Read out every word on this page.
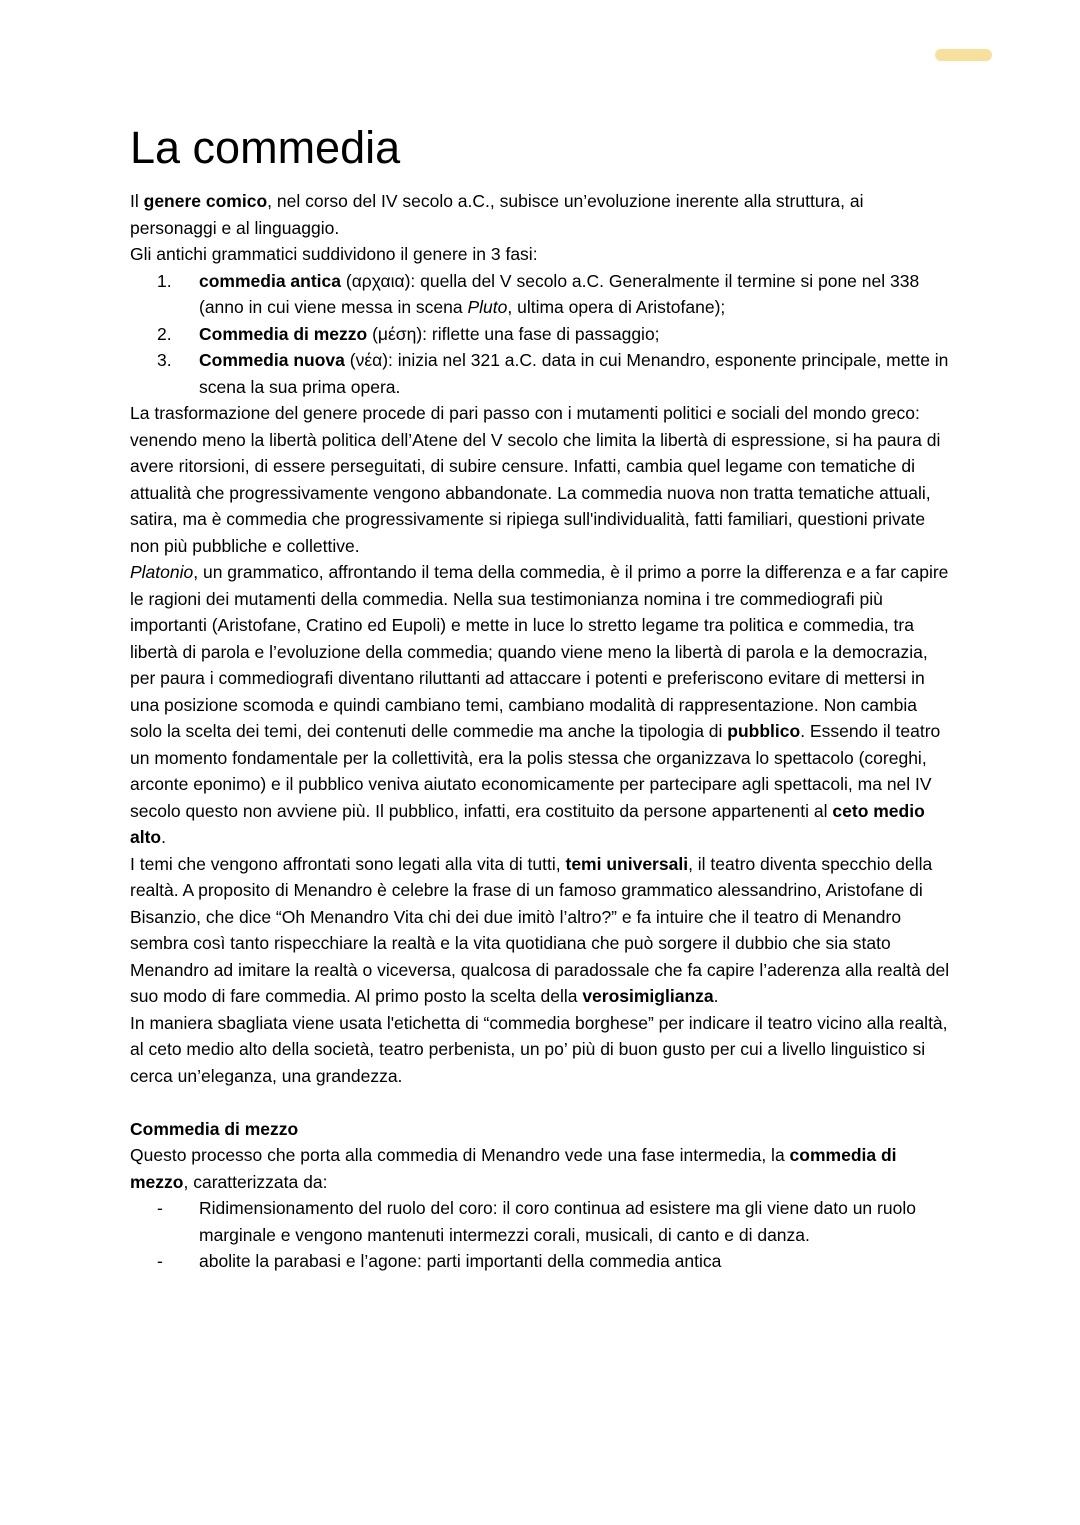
La commedia

Il genere comico, nel corso del IV secolo a.C., subisce un’evoluzione inerente alla struttura, ai personaggi e al linguaggio.

Gli antichi grammatici suddividono il genere in 3 fasi:

1.	commedia antica (αρχαια): quella del V secolo a.C. Generalmente il termine si pone nel 338 (anno in cui viene messa in scena Pluto, ultima opera di Aristofane);
2.	Commedia di mezzo (μέση): riflette una fase di passaggio;
3.	Commedia nuova (νέα): inizia nel 321 a.C. data in cui Menandro, esponente principale, mette in scena la sua prima opera.

La trasformazione del genere procede di pari passo con i mutamenti politici e sociali del mondo greco: venendo meno la libertà politica dell’Atene del V secolo che limita la libertà di espressione, si ha paura di avere ritorsioni, di essere perseguitati, di subire censure. Infatti, cambia quel legame con tematiche di attualità che progressivamente vengono abbandonate. La commedia nuova non tratta tematiche attuali, satira, ma è commedia che progressivamente si ripiega sull'individualità, fatti familiari, questioni private non più pubbliche e collettive.

Platonio, un grammatico, affrontando il tema della commedia, è il primo a porre la differenza e a far capire le ragioni dei mutamenti della commedia. Nella sua testimonianza nomina i tre commediografi più importanti (Aristofane, Cratino ed Eupoli) e mette in luce lo stretto legame tra politica e commedia, tra libertà di parola e l’evoluzione della commedia; quando viene meno la libertà di parola e la democrazia, per paura i commediografi diventano riluttanti ad attaccare i potenti e preferiscono evitare di mettersi in una posizione scomoda e quindi cambiano temi, cambiano modalità di rappresentazione. Non cambia solo la scelta dei temi, dei contenuti delle commedie ma anche la tipologia di pubblico. Essendo il teatro un momento fondamentale per la collettività, era la polis stessa che organizzava lo spettacolo (coreghi, arconte eponimo) e il pubblico veniva aiutato economicamente per partecipare agli spettacoli, ma nel IV secolo questo non avviene più. Il pubblico, infatti, era costituito da persone appartenenti al ceto medio alto.

I temi che vengono affrontati sono legati alla vita di tutti, temi universali, il teatro diventa specchio della realtà. A proposito di Menandro è celebre la frase di un famoso grammatico alessandrino, Aristofane di Bisanzio, che dice “Oh Menandro Vita chi dei due imitò l’altro?” e fa intuire che il teatro di Menandro sembra così tanto rispecchiare la realtà e la vita quotidiana che può sorgere il dubbio che sia stato Menandro ad imitare la realtà o viceversa, qualcosa di paradossale che fa capire l’aderenza alla realtà del suo modo di fare commedia. Al primo posto la scelta della verosimiglianza.

In maniera sbagliata viene usata l'etichetta di “commedia borghese” per indicare il teatro vicino alla realtà, al ceto medio alto della società, teatro perbenista, un po’ più di buon gusto per cui a livello linguistico si cerca un’eleganza, una grandezza.

Commedia di mezzo

Questo processo che porta alla commedia di Menandro vede una fase intermedia, la commedia di mezzo, caratterizzata da:

-	Ridimensionamento del ruolo del coro: il coro continua ad esistere ma gli viene dato un ruolo marginale e vengono mantenuti intermezzi corali, musicali, di canto e di danza.
-	abolite la parabasi e l’agone: parti importanti della commedia antica
